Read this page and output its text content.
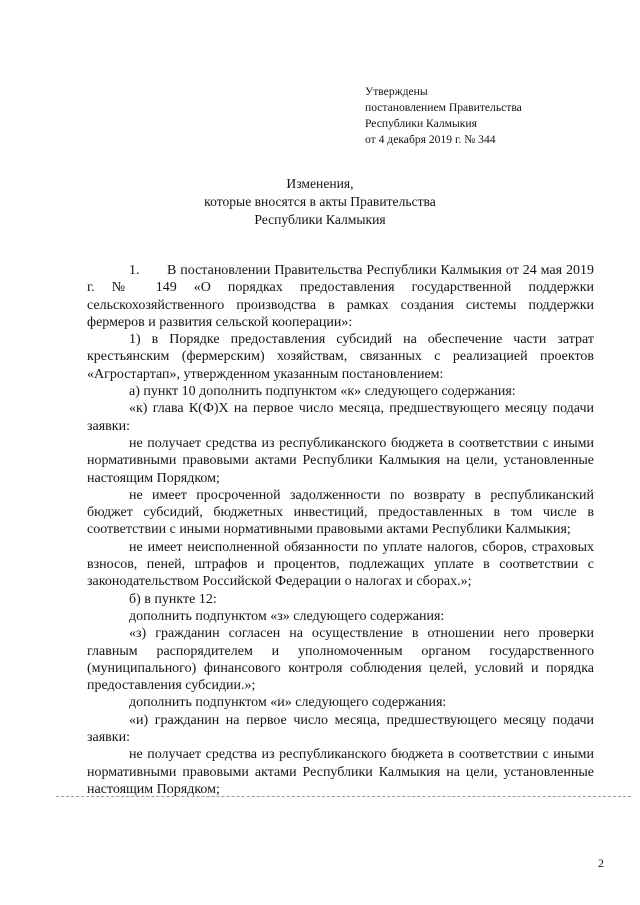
Утверждены
постановлением Правительства
Республики Калмыкия
от 4 декабря 2019 г. № 344
Изменения,
которые вносятся в акты Правительства
Республики Калмыкия

1. В постановлении Правительства Республики Калмыкия от 24 мая 2019 г. № 149 «О порядках предоставления государственной поддержки сельскохозяйственного производства в рамках создания системы поддержки фермеров и развития сельской кооперации»:

1) в Порядке предоставления субсидий на обеспечение части затрат крестьянским (фермерским) хозяйствам, связанных с реализацией проектов «Агростартап», утвержденном указанным постановлением:

а) пункт 10 дополнить подпунктом «к» следующего содержания:

«к) глава К(Ф)Х на первое число месяца, предшествующего месяцу подачи заявки:

не получает средства из республиканского бюджета в соответствии с иными нормативными правовыми актами Республики Калмыкия на цели, установленные настоящим Порядком;

не имеет просроченной задолженности по возврату в республиканский бюджет субсидий, бюджетных инвестиций, предоставленных в том числе в соответствии с иными нормативными правовыми актами Республики Калмыкия;

не имеет неисполненной обязанности по уплате налогов, сборов, страховых взносов, пеней, штрафов и процентов, подлежащих уплате в соответствии с законодательством Российской Федерации о налогах и сборах.»;

б) в пункте 12:

дополнить подпунктом «з» следующего содержания:

«з) гражданин согласен на осуществление в отношении него проверки главным распорядителем и уполномоченным органом государственного (муниципального) финансового контроля соблюдения целей, условий и порядка предоставления субсидии.»;

дополнить подпунктом «и» следующего содержания:

«и) гражданин на первое число месяца, предшествующего месяцу подачи заявки:

не получает средства из республиканского бюджета в соответствии с иными нормативными правовыми актами Республики Калмыкия на цели, установленные настоящим Порядком;

2
